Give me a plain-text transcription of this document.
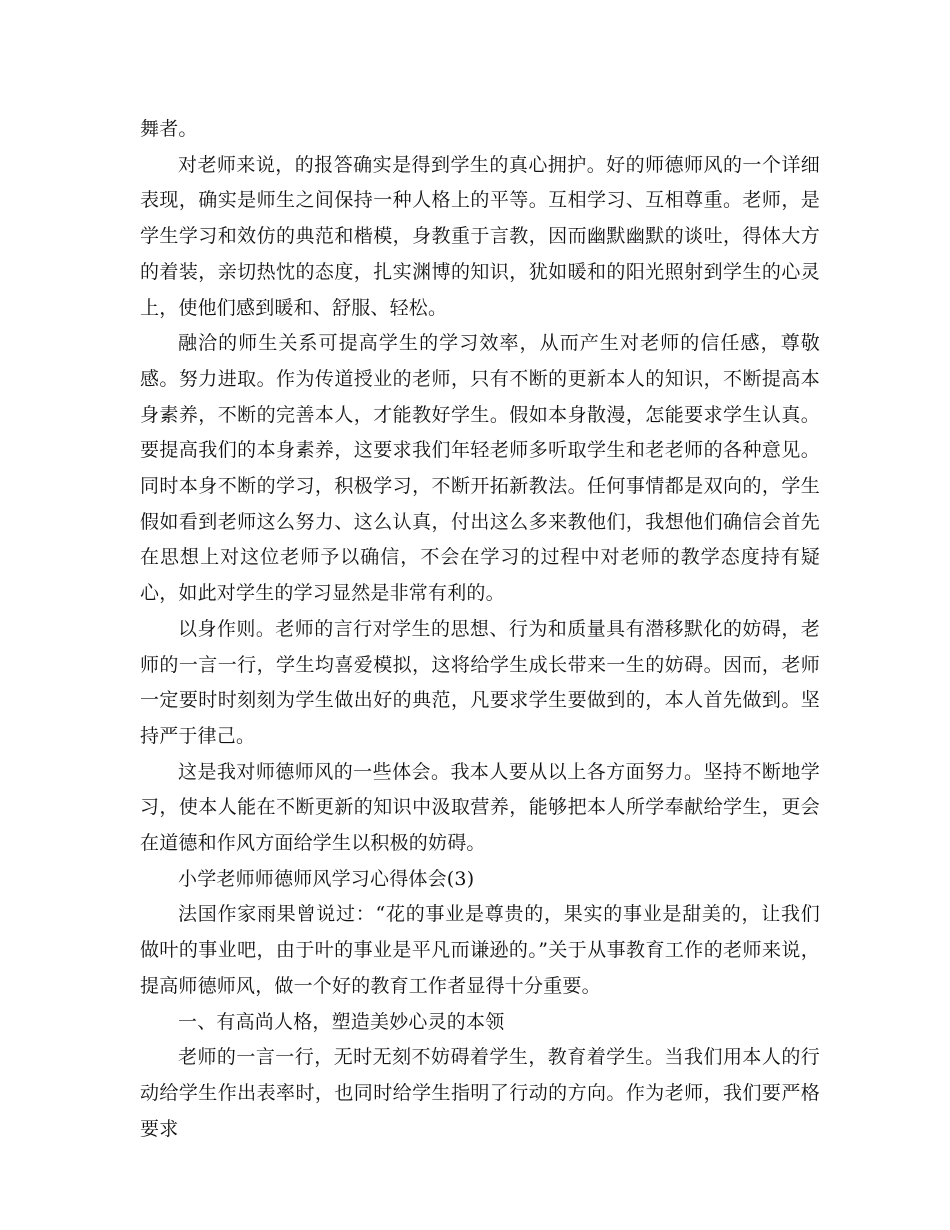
舞者。

对老师来说，的报答确实是得到学生的真心拥护。好的师德师风的一个详细表现，确实是师生之间保持一种人格上的平等。互相学习、互相尊重。老师，是学生学习和效仿的典范和楷模，身教重于言教，因而幽默幽默的谈吐，得体大方的着装，亲切热忱的态度，扎实渊博的知识，犹如暖和的阳光照射到学生的心灵上，使他们感到暖和、舒服、轻松。

融洽的师生关系可提高学生的学习效率，从而产生对老师的信任感，尊敬感。努力进取。作为传道授业的老师，只有不断的更新本人的知识，不断提高本身素养，不断的完善本人，才能教好学生。假如本身散漫，怎能要求学生认真。要提高我们的本身素养，这要求我们年轻老师多听取学生和老老师的各种意见。同时本身不断的学习，积极学习，不断开拓新教法。任何事情都是双向的，学生假如看到老师这么努力、这么认真，付出这么多来教他们，我想他们确信会首先在思想上对这位老师予以确信，不会在学习的过程中对老师的教学态度持有疑心，如此对学生的学习显然是非常有利的。

以身作则。老师的言行对学生的思想、行为和质量具有潜移默化的妨碍，老师的一言一行，学生均喜爱模拟，这将给学生成长带来一生的妨碍。因而，老师一定要时时刻刻为学生做出好的典范，凡要求学生要做到的，本人首先做到。坚持严于律己。

这是我对师德师风的一些体会。我本人要从以上各方面努力。坚持不断地学习，使本人能在不断更新的知识中汲取营养，能够把本人所学奉献给学生，更会在道德和作风方面给学生以积极的妨碍。

小学老师师德师风学习心得体会(3)

法国作家雨果曾说过：“花的事业是尊贵的，果实的事业是甜美的，让我们做叶的事业吧，由于叶的事业是平凡而谦逊的。”关于从事教育工作的老师来说，提高师德师风，做一个好的教育工作者显得十分重要。

一、有高尚人格，塑造美妙心灵的本领

老师的一言一行，无时无刻不妨碍着学生，教育着学生。当我们用本人的行动给学生作出表率时，也同时给学生指明了行动的方向。作为老师，我们要严格要求
